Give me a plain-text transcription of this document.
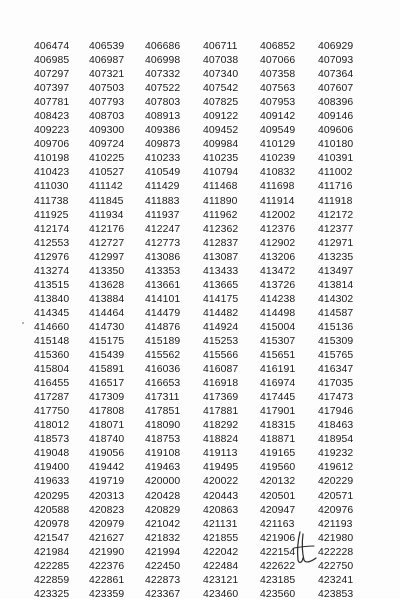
406474	406539	406686	406711	406852	406929
406985	406987	406998	407038	407066	407093
407297	407321	407332	407340	407358	407364
407397	407503	407522	407542	407563	407607
407781	407793	407803	407825	407953	408396
408423	408703	408913	409122	409142	409146
409223	409300	409386	409452	409549	409606
409706	409724	409873	409984	410129	410180
410198	410225	410233	410235	410239	410391
410423	410527	410549	410794	410832	411002
411030	411142	411429	411468	411698	411716
411738	411845	411883	411890	411914	411918
411925	411934	411937	411962	412002	412172
412174	412176	412247	412362	412376	412377
412553	412727	412773	412837	412902	412971
412976	412997	413086	413087	413206	413235
413274	413350	413353	413433	413472	413497
413515	413628	413661	413665	413726	413814
413840	413884	414101	414175	414238	414302
414345	414464	414479	414482	414498	414587
414660	414730	414876	414924	415004	415136
415148	415175	415189	415253	415307	415309
415360	415439	415562	415566	415651	415765
415804	415891	416036	416087	416191	416347
416455	416517	416653	416918	416974	417035
417287	417309	417311	417369	417445	417473
417750	417808	417851	417881	417901	417946
418012	418071	418090	418292	418315	418463
418573	418740	418753	418824	418871	418954
419048	419056	419108	419113	419165	419232
419400	419442	419463	419495	419560	419612
419633	419719	420000	420022	420132	420229
420295	420313	420428	420443	420501	420571
420588	420823	420829	420863	420947	420976
420978	420979	421042	421131	421163	421193
421547	421627	421832	421855	421906	421980
421984	421990	421994	422042	422154	422228
422285	422376	422450	422484	422622	422750
422859	422861	422873	423121	423185	423241
423325	423359	423367	423460	423560	423853
